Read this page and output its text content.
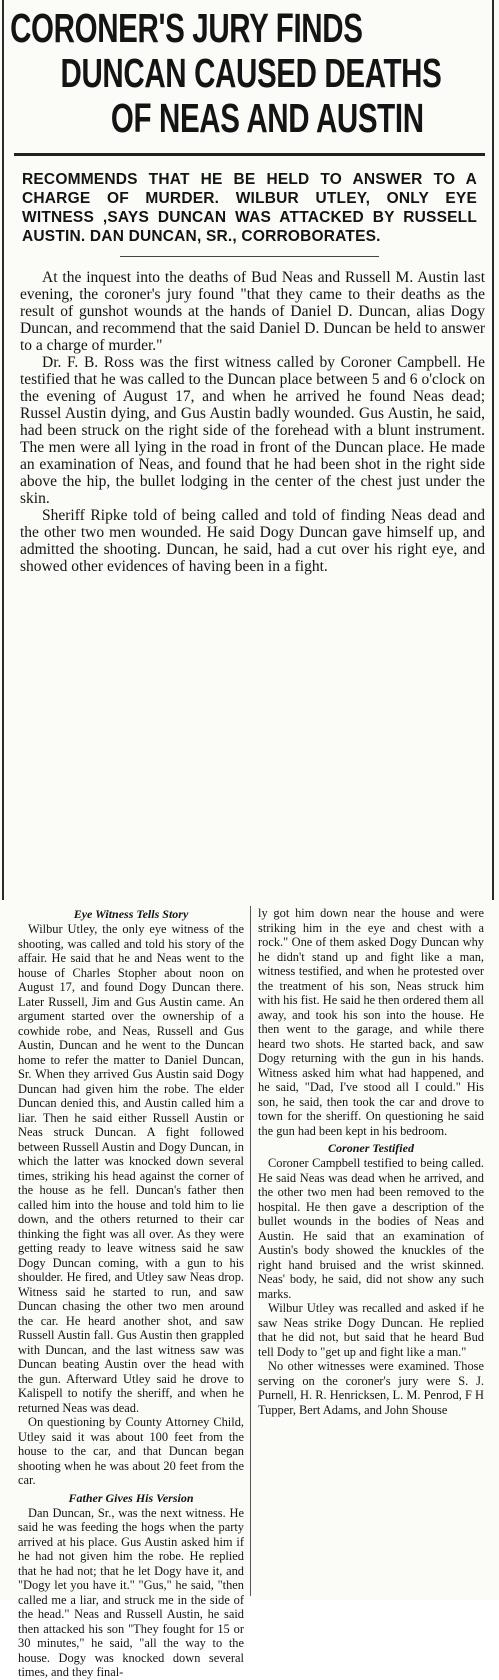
CORONER'S JURY FINDS
DUNCAN CAUSED DEATHS
OF NEAS AND AUSTIN
RECOMMENDS THAT HE BE HELD TO ANSWER TO A CHARGE OF MURDER. WILBUR UTLEY, ONLY EYE WITNESS ,SAYS DUNCAN WAS ATTACKED BY RUSSELL AUSTIN. DAN DUNCAN, SR., CORROBORATES.

At the inquest into the deaths of Bud Neas and Russell M. Austin last evening, the coroner's jury found "that they came to their deaths as the result of gunshot wounds at the hands of Daniel D. Duncan, alias Dogy Duncan, and recommend that the said Daniel D. Duncan be held to answer to a charge of murder."

Dr. F. B. Ross was the first witness called by Coroner Campbell. He testified that he was called to the Duncan place between 5 and 6 o'clock on the evening of August 17, and when he arrived he found Neas dead; Russel Austin dying, and Gus Austin badly wounded. Gus Austin, he said, had been struck on the right side of the forehead with a blunt instrument. The men were all lying in the road in front of the Duncan place. He made an examination of Neas, and found that he had been shot in the right side above the hip, the bullet lodging in the center of the chest just under the skin.

Sheriff Ripke told of being called and told of finding Neas dead and the other two men wounded. He said Dogy Duncan gave himself up, and admitted the shooting. Duncan, he said, had a cut over his right eye, and showed other evidences of having been in a fight.

Eye Witness Tells Story

Wilbur Utley, the only eye witness of the shooting, was called and told his story of the affair. He said that he and Neas went to the house of Charles Stopher about noon on August 17, and found Dogy Duncan there. Later Russell, Jim and Gus Austin came. An argument started over the ownership of a cowhide robe, and Neas, Russell and Gus Austin, Duncan and he went to the Duncan home to refer the matter to Daniel Duncan, Sr. When they arrived Gus Austin said Dogy Duncan had given him the robe. The elder Duncan denied this, and Austin called him a liar. Then he said either Russell Austin or Neas struck Duncan. A fight followed between Russell Austin and Dogy Duncan, in which the latter was knocked down several times, striking his head against the corner of the house as he fell. Duncan's father then called him into the house and told him to lie down, and the others returned to their car thinking the fight was all over. As they were getting ready to leave witness said he saw Dogy Duncan coming, with a gun to his shoulder. He fired, and Utley saw Neas drop. Witness said he started to run, and saw Duncan chasing the other two men around the car. He heard another shot, and saw Russell Austin fall. Gus Austin then grappled with Duncan, and the last witness saw was Duncan beating Austin over the head with the gun. Afterward Utley said he drove to Kalispell to notify the sheriff, and when he returned Neas was dead.

On questioning by County Attorney Child, Utley said it was about 100 feet from the house to the car, and that Duncan began shooting when he was about 20 feet from the car.

Father Gives His Version

Dan Duncan, Sr., was the next witness. He said he was feeding the hogs when the party arrived at his place. Gus Austin asked him if he had not given him the robe. He replied that he had not; that he let Dogy have it, and "Dogy let you have it." "Gus," he said, "then called me a liar, and struck me in the side of the head." Neas and Russell Austin, he said then attacked his son "They fought for 15 or 30 minutes," he said, "all the way to the house. Dogy was knocked down several times, and they final-

ly got him down near the house and were striking him in the eye and chest with a rock." One of them asked Dogy Duncan why he didn't stand up and fight like a man, witness testified, and when he protested over the treatment of his son, Neas struck him with his fist. He said he then ordered them all away, and took his son into the house. He then went to the garage, and while there heard two shots. He started back, and saw Dogy returning with the gun in his hands. Witness asked him what had happened, and he said, "Dad, I've stood all I could." His son, he said, then took the car and drove to town for the sheriff. On questioning he said the gun had been kept in his bedroom.

Coroner Testified

Coroner Campbell testified to being called. He said Neas was dead when he arrived, and the other two men had been removed to the hospital. He then gave a description of the bullet wounds in the bodies of Neas and Austin. He said that an examination of Austin's body showed the knuckles of the right hand bruised and the wrist skinned. Neas' body, he said, did not show any such marks.

Wilbur Utley was recalled and asked if he saw Neas strike Dogy Duncan. He replied that he did not, but said that he heard Bud tell Dody to "get up and fight like a man."

No other witnesses were examined. Those serving on the coroner's jury were S. J. Purnell, H. R. Henricksen, L. M. Penrod, F H Tupper, Bert Adams, and John Shouse
